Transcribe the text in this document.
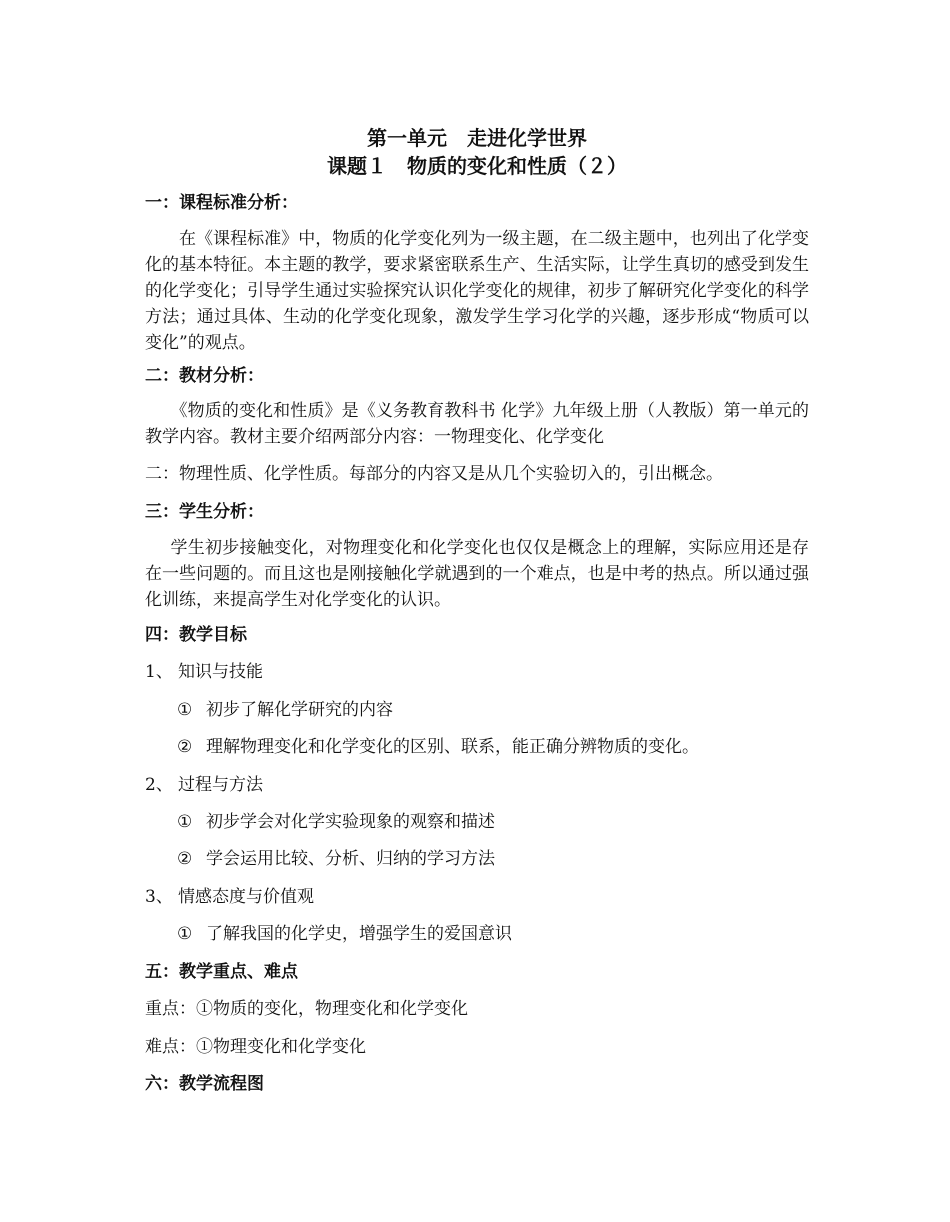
第一单元　走进化学世界
课题１　物质的变化和性质（２）
一：课程标准分析：
在《课程标准》中，物质的化学变化列为一级主题，在二级主题中，也列出了化学变化的基本特征。本主题的教学，要求紧密联系生产、生活实际，让学生真切的感受到发生的化学变化；引导学生通过实验探究认识化学变化的规律，初步了解研究化学变化的科学方法；通过具体、生动的化学变化现象，激发学生学习化学的兴趣，逐步形成“物质可以变化”的观点。
二：教材分析：
《物质的变化和性质》是《义务教育教科书 化学》九年级上册（人教版）第一单元的教学内容。教材主要介绍两部分内容：一物理变化、化学变化
二：物理性质、化学性质。每部分的内容又是从几个实验切入的，引出概念。
三：学生分析：
学生初步接触变化，对物理变化和化学变化也仅仅是概念上的理解，实际应用还是存在一些问题的。而且这也是刚接触化学就遇到的一个难点，也是中考的热点。所以通过强化训练，来提高学生对化学变化的认识。
四：教学目标
1、 知识与技能
① 初步了解化学研究的内容
② 理解物理变化和化学变化的区别、联系，能正确分辨物质的变化。
2、 过程与方法
① 初步学会对化学实验现象的观察和描述
② 学会运用比较、分析、归纳的学习方法
3、 情感态度与价值观
① 了解我国的化学史，增强学生的爱国意识
五：教学重点、难点
重点：①物质的变化，物理变化和化学变化
难点：①物理变化和化学变化
六：教学流程图
